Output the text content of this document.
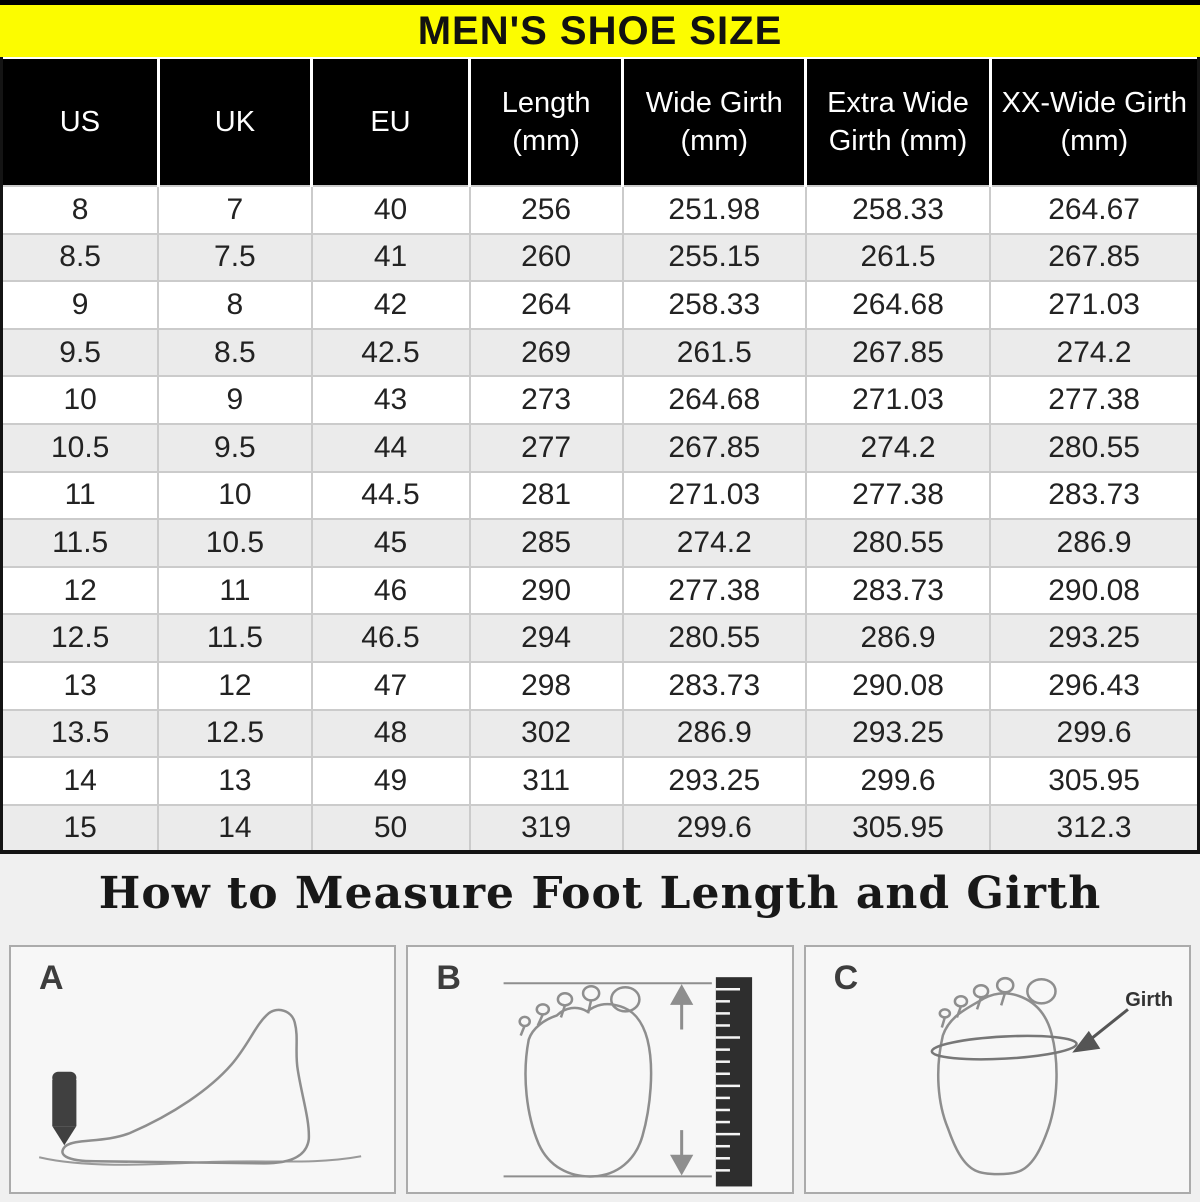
MEN'S SHOE SIZE
US	UK	EU	Length (mm)	Wide Girth (mm)	Extra Wide Girth (mm)	XX-Wide Girth (mm)
8	7	40	256	251.98	258.33	264.67
8.5	7.5	41	260	255.15	261.5	267.85
9	8	42	264	258.33	264.68	271.03
9.5	8.5	42.5	269	261.5	267.85	274.2
10	9	43	273	264.68	271.03	277.38
10.5	9.5	44	277	267.85	274.2	280.55
11	10	44.5	281	271.03	277.38	283.73
11.5	10.5	45	285	274.2	280.55	286.9
12	11	46	290	277.38	283.73	290.08
12.5	11.5	46.5	294	280.55	286.9	293.25
13	12	47	298	283.73	290.08	296.43
13.5	12.5	48	302	286.9	293.25	299.6
14	13	49	311	293.25	299.6	305.95
15	14	50	319	299.6	305.95	312.3
How to Measure Foot Length and Girth
A	B	C
Girth
